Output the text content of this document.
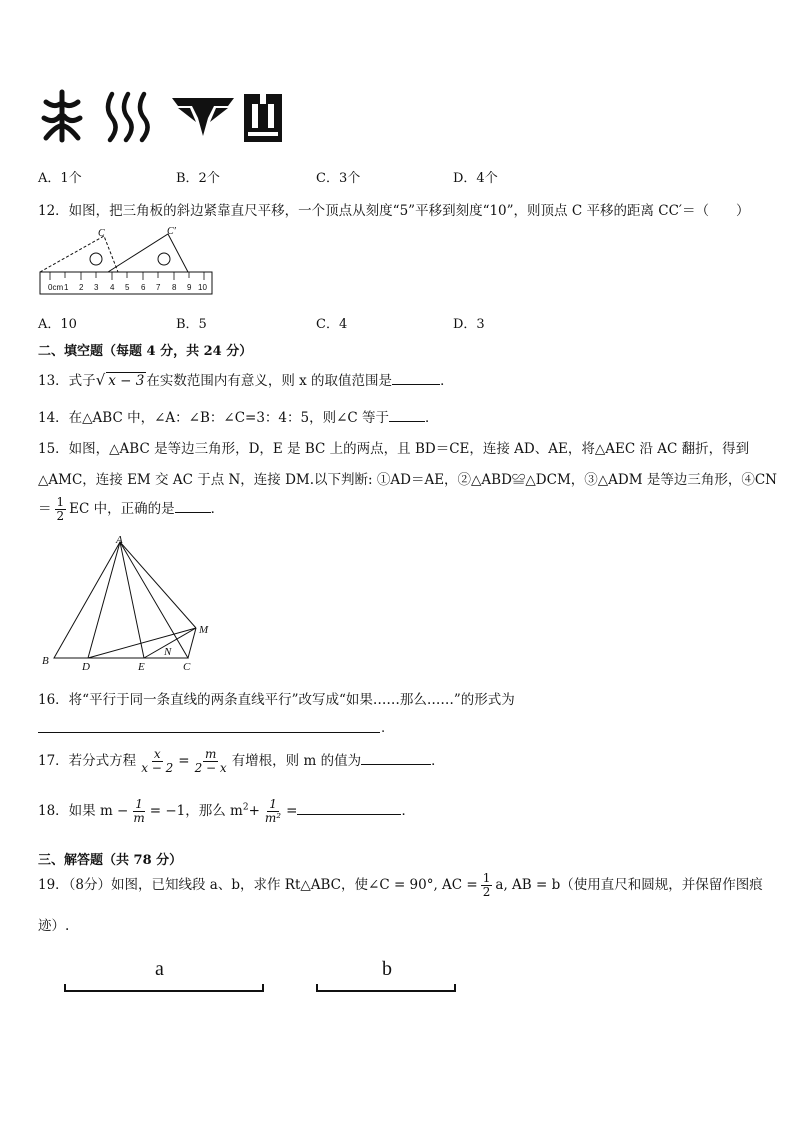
A．1个	B．2个	C．3个	D．4个
12．如图，把三角板的斜边紧靠直尺平移，一个顶点从刻度“5”平移到刻度“10”，则顶点 C 平移的距离 CC′＝（　　）
C	C′
0cm 1 2 3 4 5 6 7 8 9 10
A．10	B．5	C．4	D．3
二、填空题（每题 4 分，共 24 分）
13．式子√ x − 3 在实数范围内有意义，则 x 的取值范围是	．
14．在△ABC 中，∠A：∠B：∠C=3：4：5，则∠C 等于	．
15．如图，△ABC 是等边三角形，D，E 是 BC 上的两点，且 BD＝CE，连接 AD、AE，将△AEC 沿 AC 翻折，得到
△AMC，连接 EM 交 AC 于点 N，连接 DM.以下判断: ①AD＝AE，②△ABD≌△DCM，③△ADM 是等边三角形，④CN
＝ $\frac{1}{2}$ EC 中，正确的是	．
A
B	C
D	E
M
N
16．将“平行于同一条直线的两条直线平行”改写成“如果……那么……”的形式为
.
17．若分式方程 $\frac{x}{x - 2} = \frac{m}{2 - x}$ 有增根，则 m 的值为	．
18．如果 $m - \frac{1}{m} = -1$，那么 $m^2+ \frac{1}{\text{m²}}$ =	．
三、解答题（共 78 分）
19．（8分）如图，已知线段 a、b，求作 Rt△ABC，使∠C = 90°, AC = $\frac{1}{2} a$, AB = b（使用直尺和圆规，并保留作图痕
迹）.
a	b
